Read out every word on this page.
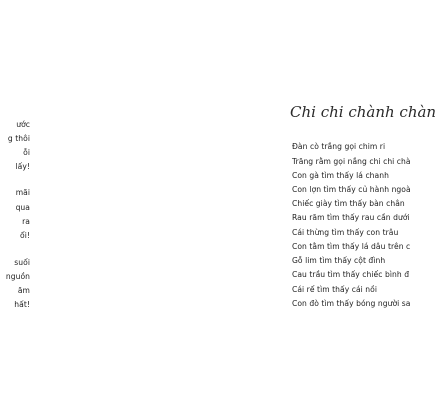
ước
g thôi
ỗi
lấy!
mãi
qua
ra
ổi!
suối
nguồn
ăm
hất!
Chi chi chành chàn
Đàn cò trắng gọi chim ri
Trăng rằm gọi nắng chi chi chà
Con gà tìm thấy lá chanh
Con lợn tìm thấy củ hành ngoà
Chiếc giày tìm thấy bàn chân
Rau răm tìm thấy rau cần dưới
Cái thừng tìm thấy con trâu
Con tằm tìm thấy lá dâu trên c
Gỗ lim tìm thấy cột đình
Cau trầu tìm thấy chiếc bình đ
Cái rế tìm thấy cái nồi
Con đò tìm thấy bóng người sa
